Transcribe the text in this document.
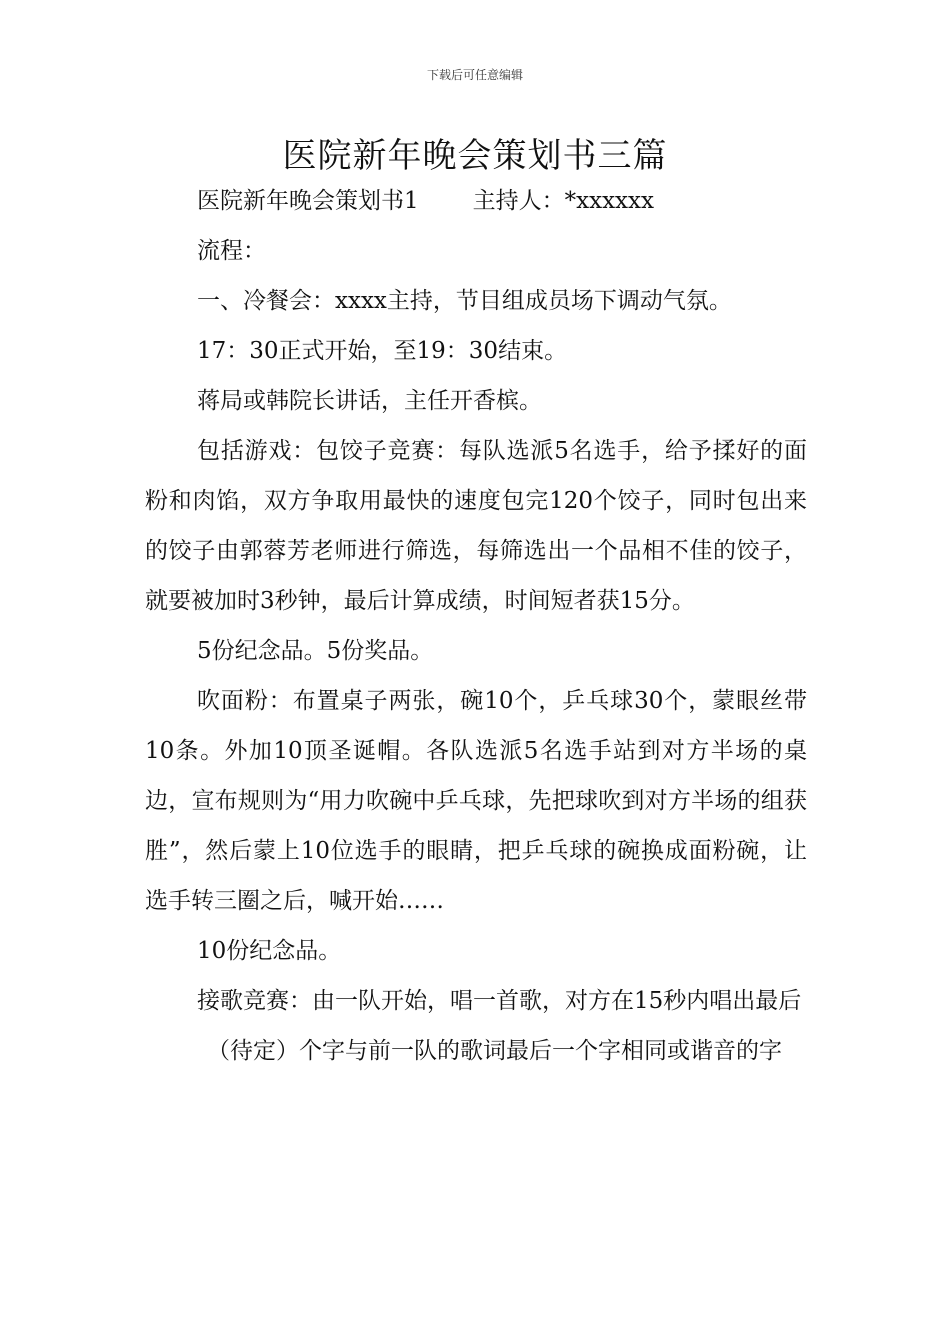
下载后可任意编辑
医院新年晚会策划书三篇

医院新年晚会策划书1 主持人：*xxxxxx

流程：

一、冷餐会：xxxx主持，节目组成员场下调动气氛。

17：30正式开始，至19：30结束。

蒋局或韩院长讲话，主任开香槟。

包括游戏：包饺子竞赛：每队选派5名选手，给予揉好的面粉和肉馅，双方争取用最快的速度包完120个饺子，同时包出来的饺子由郭蓉芳老师进行筛选，每筛选出一个品相不佳的饺子，就要被加时3秒钟，最后计算成绩，时间短者获15分。

5份纪念品。5份奖品。

吹面粉：布置桌子两张，碗10个，乒乓球30个，蒙眼丝带10条。外加10顶圣诞帽。各队选派5名选手站到对方半场的桌边，宣布规则为“用力吹碗中乒乓球，先把球吹到对方半场的组获胜”，然后蒙上10位选手的眼睛，把乒乓球的碗换成面粉碗，让选手转三圈之后，喊开始……

10份纪念品。

接歌竞赛：由一队开始，唱一首歌，对方在15秒内唱出最后

（待定）个字与前一队的歌词最后一个字相同或谐音的字
